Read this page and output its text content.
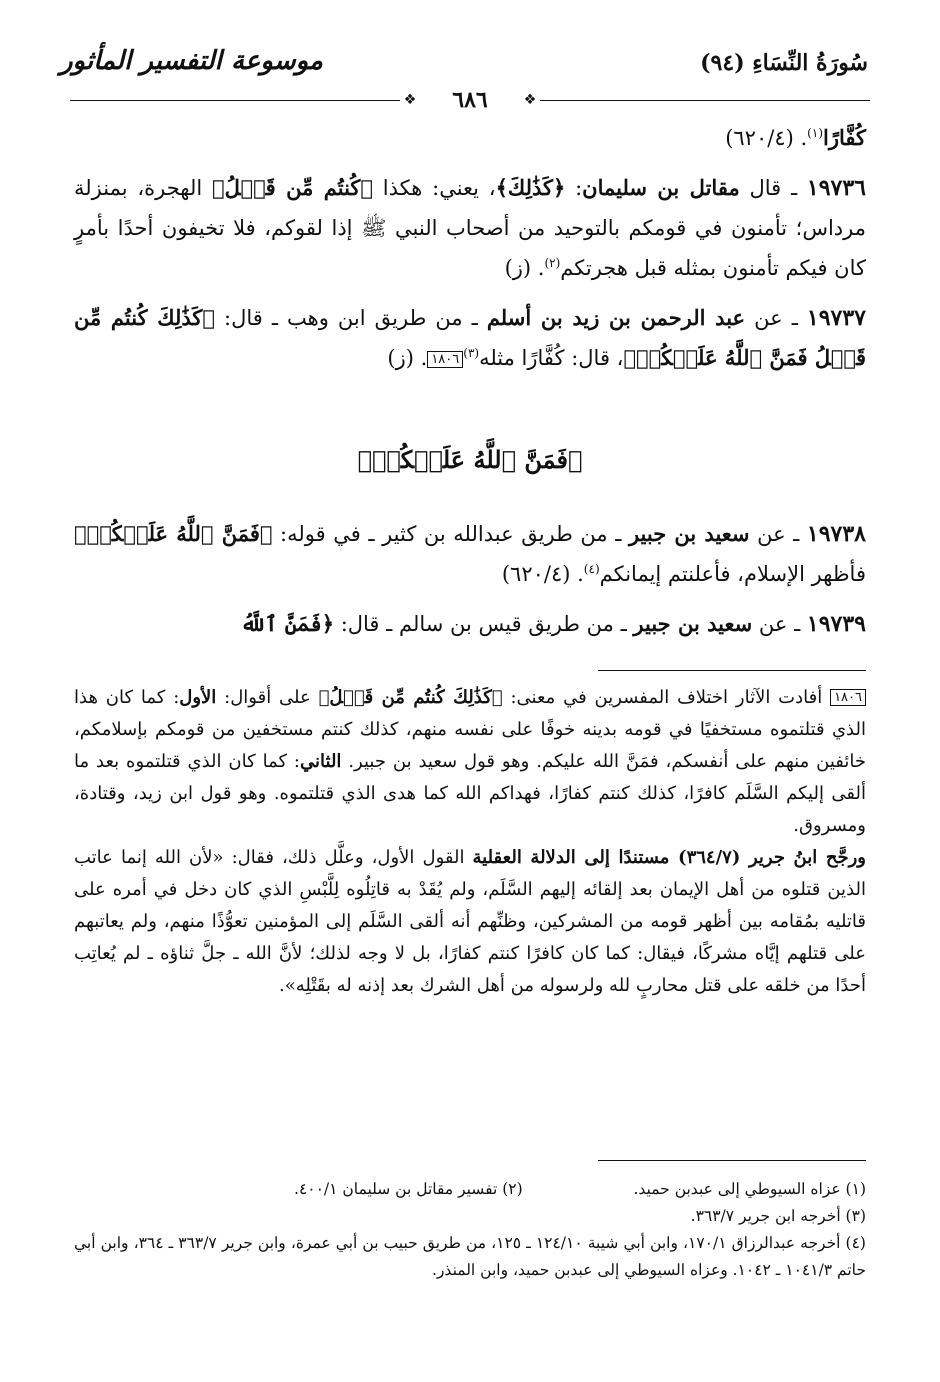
سُورَةُ النِّسَاءِ (٩٤)
موسوعة التفسير المأثور
❖	٦٨٦	❖

كُفَّارًا$^{(١)}$. (٦٢٠/٤)

١٩٧٣٦ ـ قال مقاتل بن سليمان: ﴿كَذَٰلِكَ﴾، يعني: هكذا ﴿كُنتُم مِّن قَبۡلُ﴾ الهجرة، بمنزلة مرداس؛ تأمنون في قومكم بالتوحيد من أصحاب النبي ﷺ إذا لقوكم، فلا تخيفون أحدًا بأمرٍ كان فيكم تأمنون بمثله قبل هجرتكم$^{(٢)}$. (ز)

١٩٧٣٧ ـ عن عبد الرحمن بن زيد بن أسلم ـ من طريق ابن وهب ـ قال: ﴿كَذَٰلِكَ كُنتُم مِّن قَبۡلُ فَمَنَّ ٱللَّهُ عَلَيۡكُمۡ﴾، قال: كُفَّارًا مثله$^{(٣)}$١٨٠٦. (ز)

﴿فَمَنَّ ٱللَّهُ عَلَيۡكُمۡ﴾

١٩٧٣٨ ـ عن سعيد بن جبير ـ من طريق عبدالله بن كثير ـ في قوله: ﴿فَمَنَّ ٱللَّهُ عَلَيۡكُمۡ﴾ فأظهر الإسلام، فأعلنتم إيمانكم$^{(٤)}$. (٦٢٠/٤)

١٩٧٣٩ ـ عن سعيد بن جبير ـ من طريق قيس بن سالم ـ قال: ﴿فَمَنَّ ٱللَّهُ

١٨٠٦ أفادت الآثار اختلاف المفسرين في معنى: ﴿كَذَٰلِكَ كُنتُم مِّن قَبۡلُ﴾ على أقوال: الأول: كما كان هذا الذي قتلتموه مستخفيًا في قومه بدينه خوفًا على نفسه منهم، كذلك كنتم مستخفين من قومكم بإسلامكم، خائفين منهم على أنفسكم، فمَنَّ الله عليكم. وهو قول سعيد بن جبير. الثاني: كما كان الذي قتلتموه بعد ما ألقى إليكم السَّلَم كافرًا، كذلك كنتم كفارًا، فهداكم الله كما هدى الذي قتلتموه. وهو قول ابن زيد، وقتادة، ومسروق.

ورجَّح ابنُ جرير (٣٦٤/٧) مستندًا إلى الدلالة العقلية القول الأول، وعلَّل ذلك، فقال: «لأن الله إنما عاتب الذين قتلوه من أهل الإيمان بعد إلقائه إليهم السَّلَم، ولم يُقَدْ به قاتِلُوه لِلَّبْسِ الذي كان دخل في أمره على قاتليه بمُقامه بين أظهر قومه من المشركين، وظنِّهم أنه ألقى السَّلَم إلى المؤمنين تعوُّذًا منهم، ولم يعاتبهم على قتلهم إيَّاه مشركًا، فيقال: كما كان كافرًا كنتم كفارًا، بل لا وجه لذلك؛ لأنَّ الله ـ جلَّ ثناؤه ـ لم يُعاتِب أحدًا من خلقه على قتل محاربٍ لله ولرسوله من أهل الشرك بعد إذنه له بقَتْلِه».

(١) عزاه السيوطي إلى عبدبن حميد.
(٢) تفسير مقاتل بن سليمان ٤٠٠/١.
(٣) أخرجه ابن جرير ٣٦٣/٧.
(٤) أخرجه عبدالرزاق ١٧٠/١، وابن أبي شيبة ١٢٤/١٠ ـ ١٢٥، من طريق حبيب بن أبي عمرة، وابن جرير ٣٦٣/٧ ـ ٣٦٤، وابن أبي حاتم ١٠٤١/٣ ـ ١٠٤٢. وعزاه السيوطي إلى عبدبن حميد، وابن المنذر.
